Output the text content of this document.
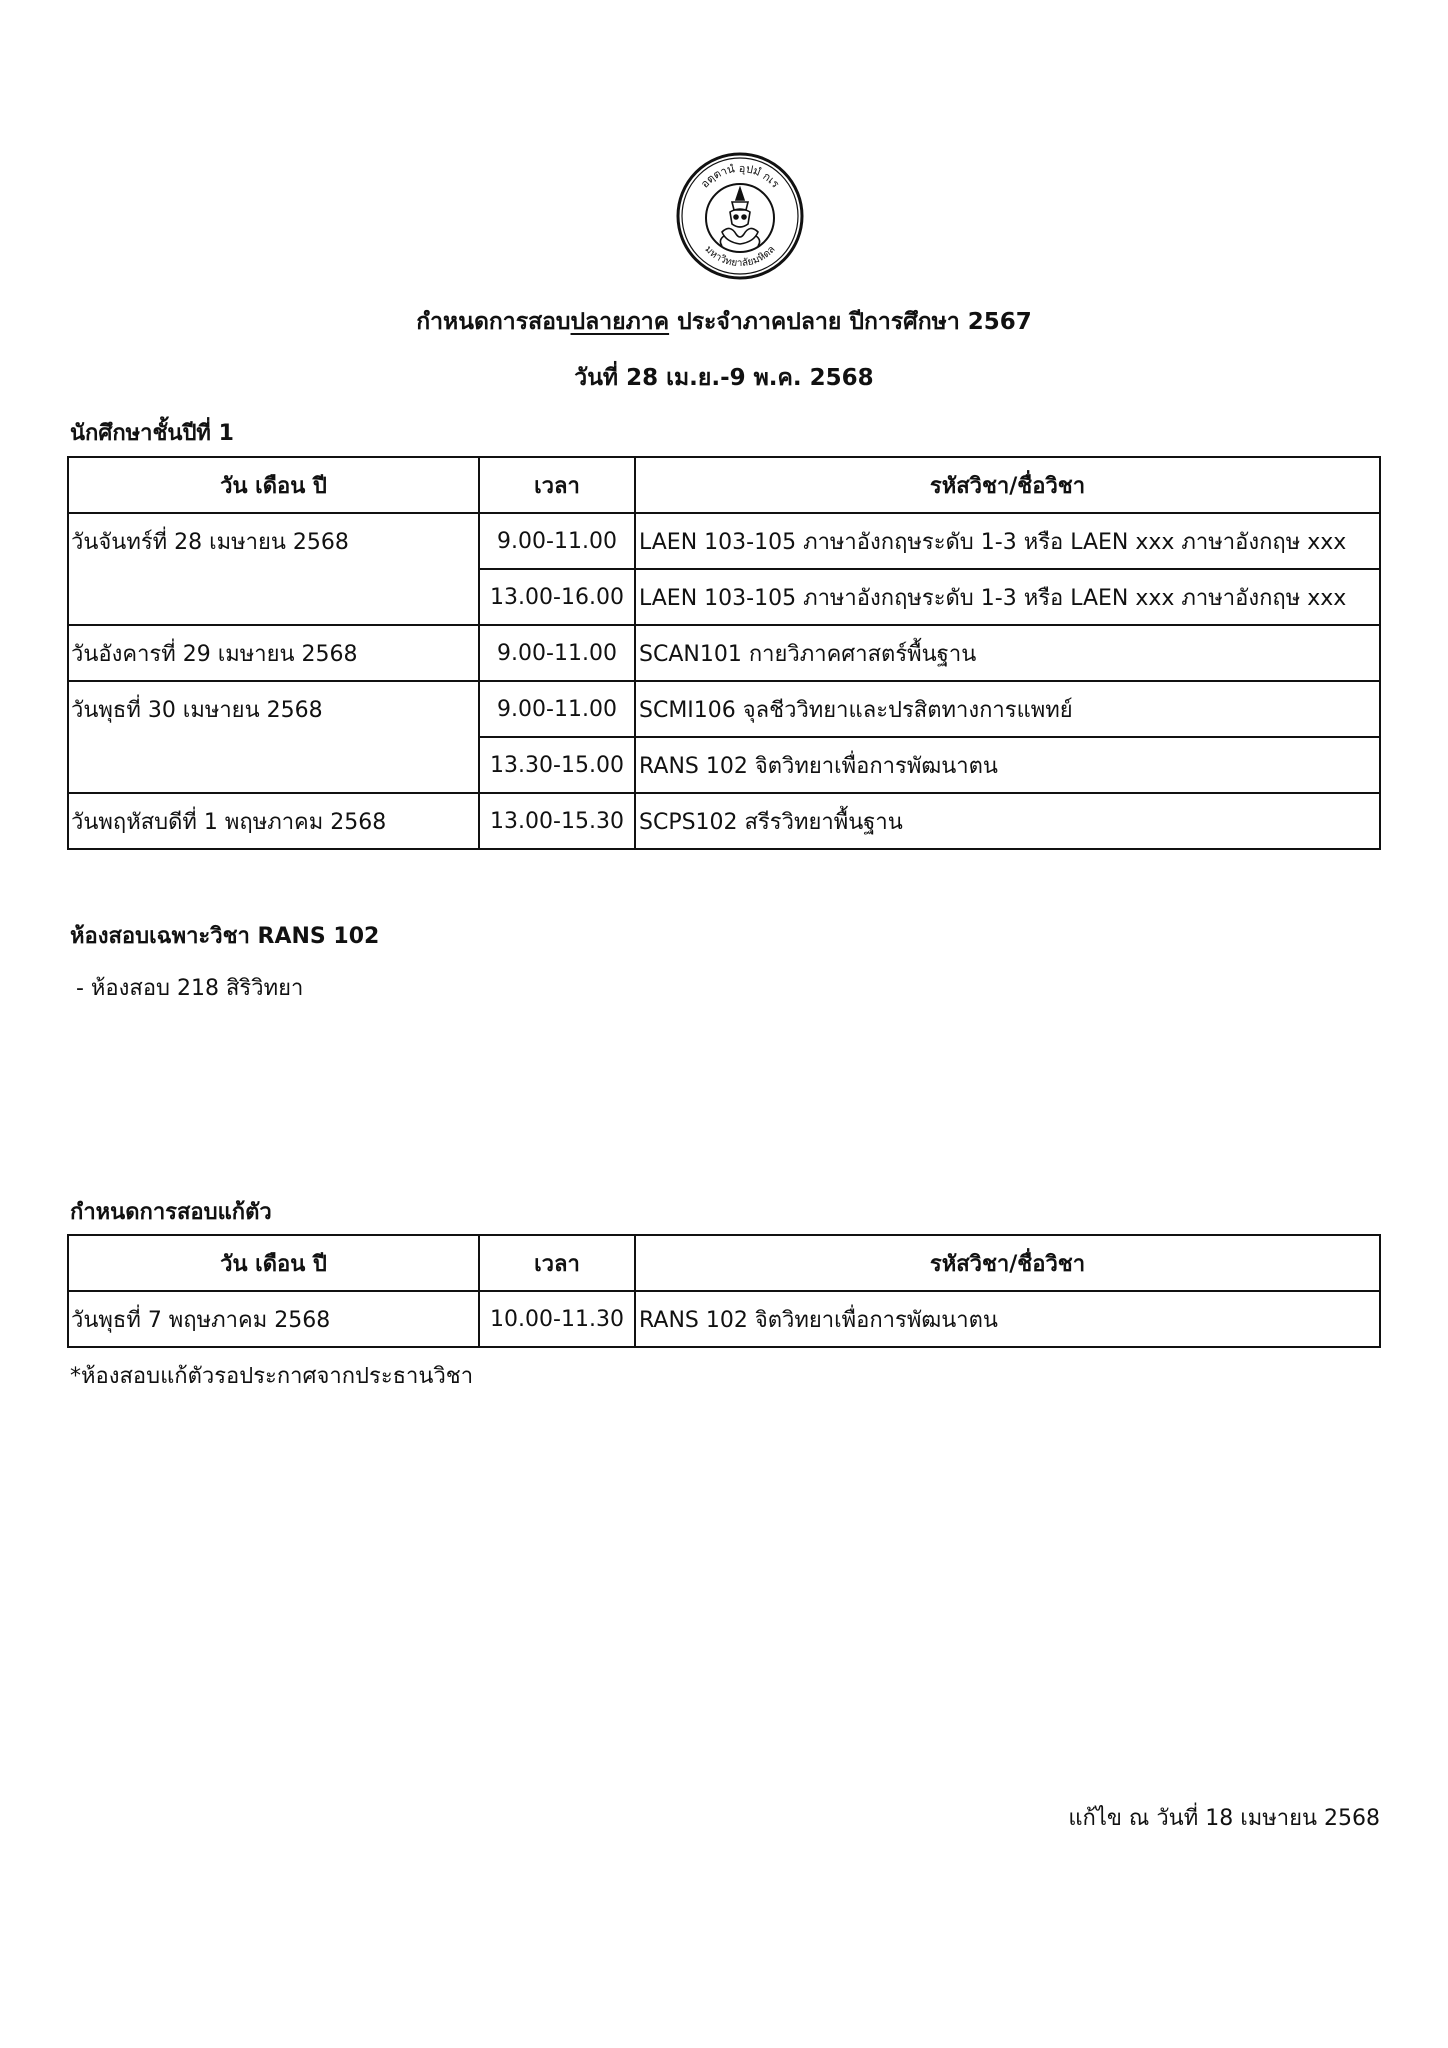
อตฺตานํ อุปมํ กเร
มหาวิทยาลัยมหิดล
กำหนดการสอบปลายภาค ประจำภาคปลาย ปีการศึกษา 2567
วันที่ 28 เม.ย.-9 พ.ค. 2568
นักศึกษาชั้นปีที่ 1
วัน เดือน ปี	เวลา	รหัสวิชา/ชื่อวิชา
วันจันทร์ที่ 28 เมษายน 2568	9.00-11.00	LAEN 103-105 ภาษาอังกฤษระดับ 1-3 หรือ LAEN xxx ภาษาอังกฤษ xxx
	13.00-16.00	LAEN 103-105 ภาษาอังกฤษระดับ 1-3 หรือ LAEN xxx ภาษาอังกฤษ xxx
วันอังคารที่ 29 เมษายน 2568	9.00-11.00	SCAN101 กายวิภาคศาสตร์พื้นฐาน
วันพุธที่ 30 เมษายน 2568	9.00-11.00	SCMI106 จุลชีววิทยาและปรสิตทางการแพทย์
	13.30-15.00	RANS 102 จิตวิทยาเพื่อการพัฒนาตน
วันพฤหัสบดีที่ 1 พฤษภาคม 2568	13.00-15.30	SCPS102 สรีรวิทยาพื้นฐาน
ห้องสอบเฉพาะวิชา RANS 102
- ห้องสอบ 218 สิริวิทยา
กำหนดการสอบแก้ตัว
วัน เดือน ปี	เวลา	รหัสวิชา/ชื่อวิชา
วันพุธที่ 7 พฤษภาคม 2568	10.00-11.30	RANS 102 จิตวิทยาเพื่อการพัฒนาตน
*ห้องสอบแก้ตัวรอประกาศจากประธานวิชา
แก้ไข ณ วันที่ 18 เมษายน 2568
